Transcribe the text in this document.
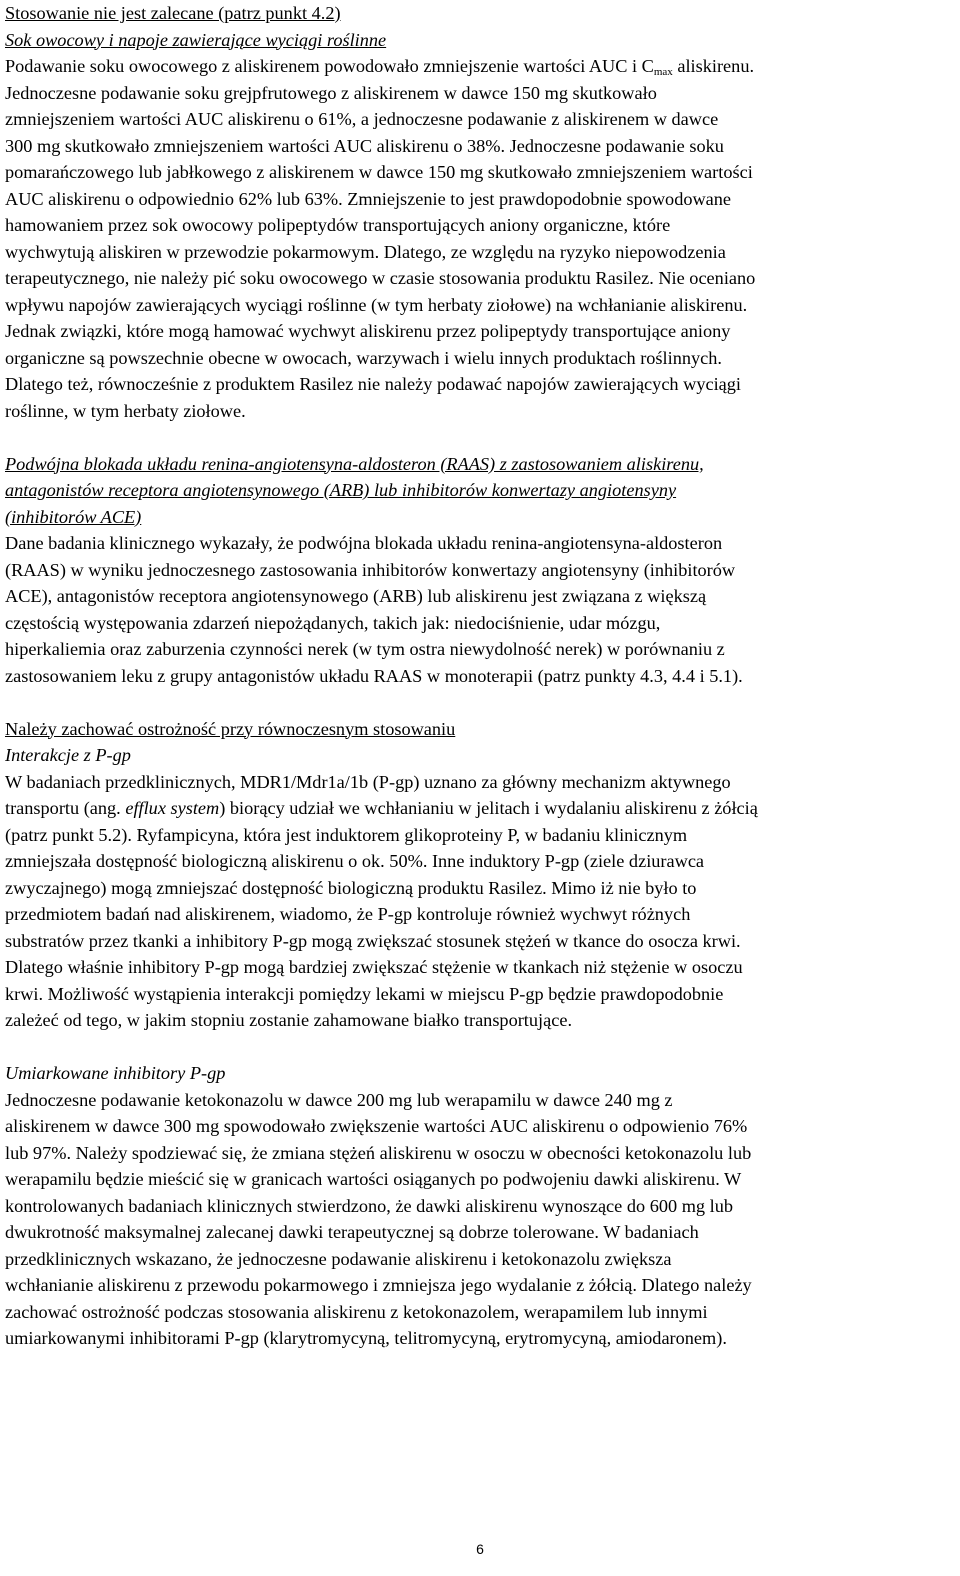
Stosowanie nie jest zalecane (patrz punkt 4.2)
Sok owocowy i napoje zawierające wyciągi roślinne
Podawanie soku owocowego z aliskirenem powodowało zmniejszenie wartości AUC i $C_{max}$ aliskirenu.
Jednoczesne podawanie soku grejpfrutowego z aliskirenem w dawce 150 mg skutkowało
zmniejszeniem wartości AUC aliskirenu o 61%, a jednoczesne podawanie z aliskirenem w dawce
300 mg skutkowało zmniejszeniem wartości AUC aliskirenu o 38%. Jednoczesne podawanie soku
pomarańczowego lub jabłkowego z aliskirenem w dawce 150 mg skutkowało zmniejszeniem wartości
AUC aliskirenu o odpowiednio 62% lub 63%. Zmniejszenie to jest prawdopodobnie spowodowane
hamowaniem przez sok owocowy polipeptydów transportujących aniony organiczne, które
wychwytują aliskiren w przewodzie pokarmowym. Dlatego, ze względu na ryzyko niepowodzenia
terapeutycznego, nie należy pić soku owocowego w czasie stosowania produktu Rasilez. Nie oceniano
wpływu napojów zawierających wyciągi roślinne (w tym herbaty ziołowe) na wchłanianie aliskirenu.
Jednak związki, które mogą hamować wychwyt aliskirenu przez polipeptydy transportujące aniony
organiczne są powszechnie obecne w owocach, warzywach i wielu innych produktach roślinnych.
Dlatego też, równocześnie z produktem Rasilez nie należy podawać napojów zawierających wyciągi
roślinne, w tym herbaty ziołowe.
Podwójna blokada układu renina-angiotensyna-aldosteron (RAAS) z zastosowaniem aliskirenu,
antagonistów receptora angiotensynowego (ARB) lub inhibitorów konwertazy angiotensyny
(inhibitorów ACE)
Dane badania klinicznego wykazały, że podwójna blokada układu renina-angiotensyna-aldosteron
(RAAS) w wyniku jednoczesnego zastosowania inhibitorów konwertazy angiotensyny (inhibitorów
ACE), antagonistów receptora angiotensynowego (ARB) lub aliskirenu jest związana z większą
częstością występowania zdarzeń niepożądanych, takich jak: niedociśnienie, udar mózgu,
hiperkaliemia oraz zaburzenia czynności nerek (w tym ostra niewydolność nerek) w porównaniu z
zastosowaniem leku z grupy antagonistów układu RAAS w monoterapii (patrz punkty 4.3, 4.4 i 5.1).
Należy zachować ostrożność przy równoczesnym stosowaniu
Interakcje z P-gp
W badaniach przedklinicznych, MDR1/Mdr1a/1b (P-gp) uznano za główny mechanizm aktywnego
transportu (ang. efflux system) biorący udział we wchłanianiu w jelitach i wydalaniu aliskirenu z żółcią
(patrz punkt 5.2). Ryfampicyna, która jest induktorem glikoproteiny P, w badaniu klinicznym
zmniejszała dostępność biologiczną aliskirenu o ok. 50%. Inne induktory P-gp (ziele dziurawca
zwyczajnego) mogą zmniejszać dostępność biologiczną produktu Rasilez. Mimo iż nie było to
przedmiotem badań nad aliskirenem, wiadomo, że P-gp kontroluje również wychwyt różnych
substratów przez tkanki a inhibitory P-gp mogą zwiększać stosunek stężeń w tkance do osocza krwi.
Dlatego właśnie inhibitory P-gp mogą bardziej zwiększać stężenie w tkankach niż stężenie w osoczu
krwi. Możliwość wystąpienia interakcji pomiędzy lekami w miejscu P-gp będzie prawdopodobnie
zależeć od tego, w jakim stopniu zostanie zahamowane białko transportujące.
Umiarkowane inhibitory P-gp
Jednoczesne podawanie ketokonazolu w dawce 200 mg lub werapamilu w dawce 240 mg z
aliskirenem w dawce 300 mg spowodowało zwiększenie wartości AUC aliskirenu o odpowienio 76%
lub 97%. Należy spodziewać się, że zmiana stężeń aliskirenu w osoczu w obecności ketokonazolu lub
werapamilu będzie mieścić się w granicach wartości osiąganych po podwojeniu dawki aliskirenu. W
kontrolowanych badaniach klinicznych stwierdzono, że dawki aliskirenu wynoszące do 600 mg lub
dwukrotność maksymalnej zalecanej dawki terapeutycznej są dobrze tolerowane. W badaniach
przedklinicznych wskazano, że jednoczesne podawanie aliskirenu i ketokonazolu zwiększa
wchłanianie aliskirenu z przewodu pokarmowego i zmniejsza jego wydalanie z żółcią. Dlatego należy
zachować ostrożność podczas stosowania aliskirenu z ketokonazolem, werapamilem lub innymi
umiarkowanymi inhibitorami P-gp (klarytromycyną, telitromycyną, erytromycyną, amiodaronem).
6
